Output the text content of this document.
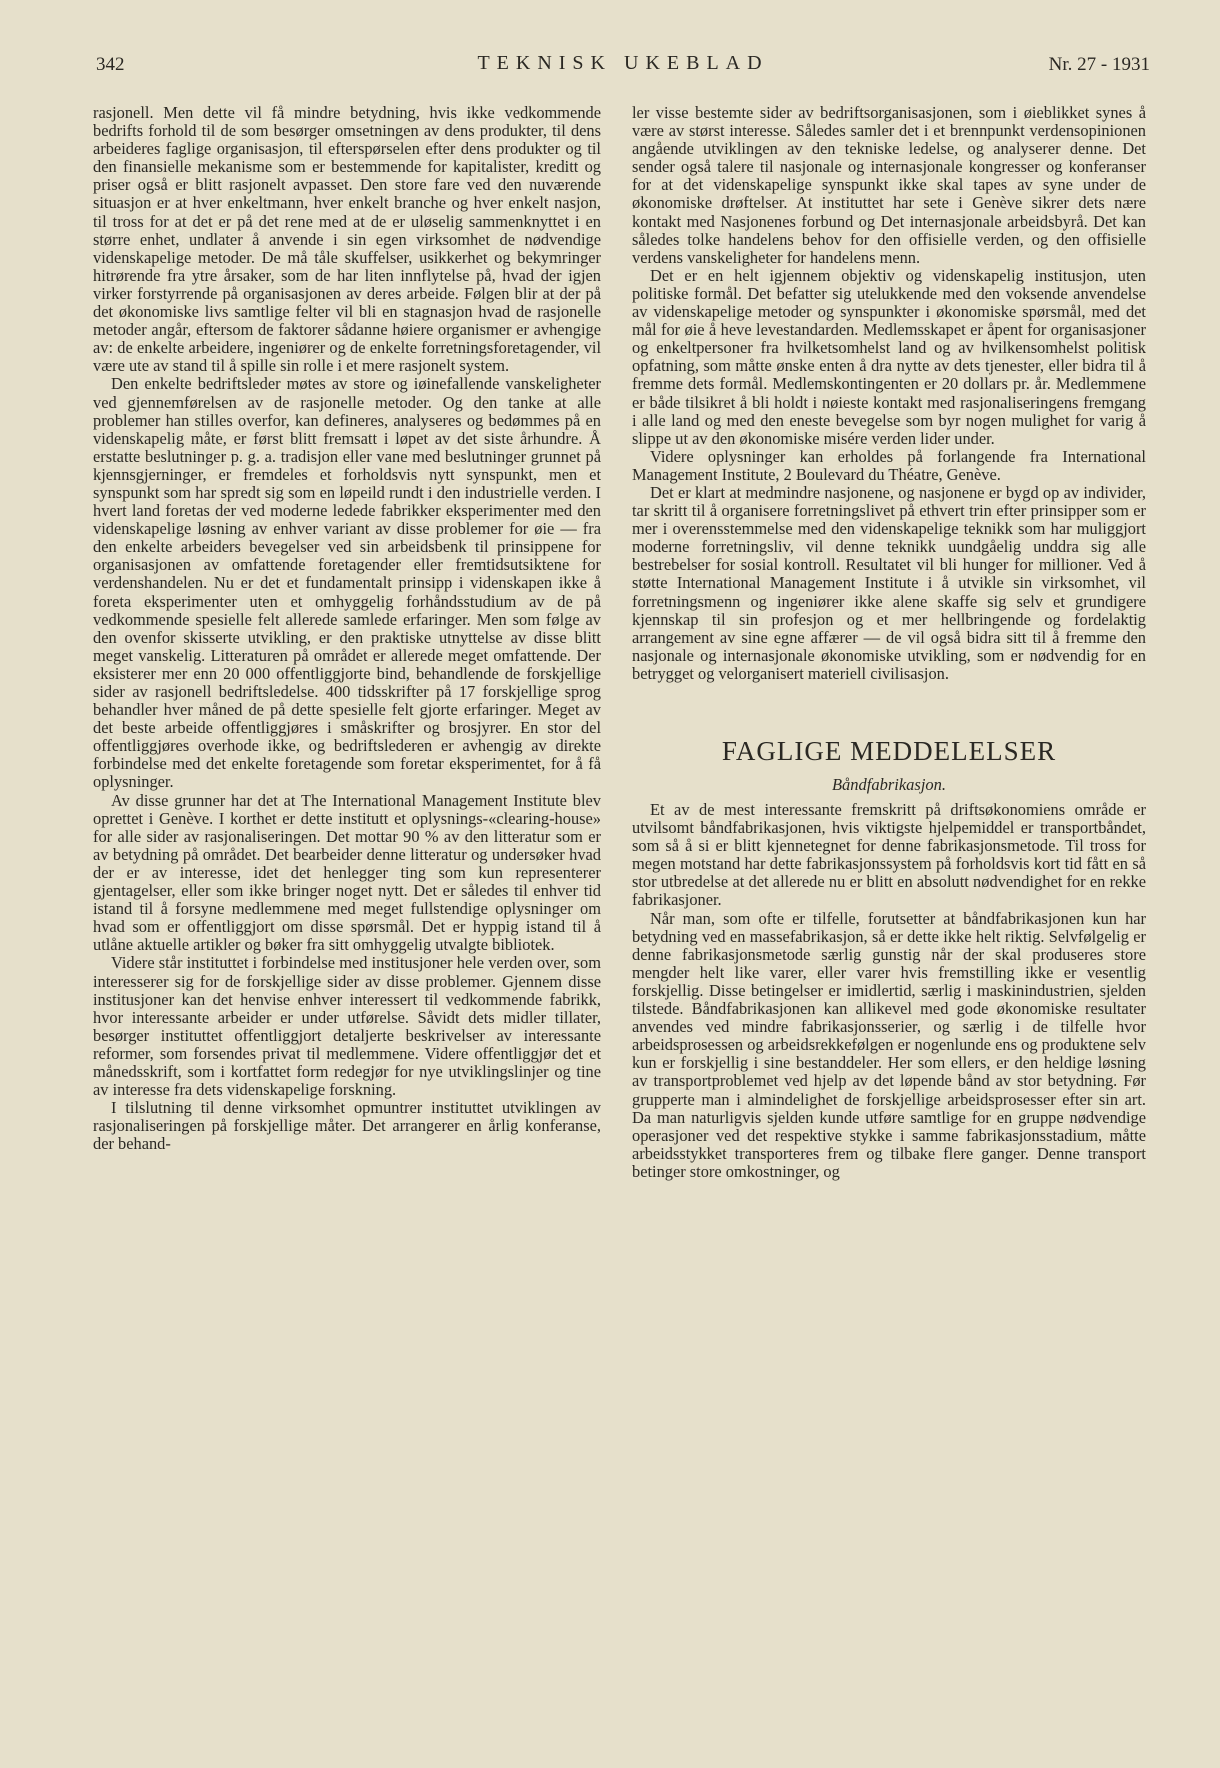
342	TEKNISK UKEBLAD	Nr. 27 - 1931

rasjonell. Men dette vil få mindre betydning, hvis ikke vedkommende bedrifts forhold til de som besørger omsetningen av dens produkter, til dens arbeideres faglige organisasjon, til efterspørselen efter dens produkter og til den finansielle mekanisme som er bestemmende for kapitalister, kreditt og priser også er blitt rasjonelt avpasset. Den store fare ved den nuværende situasjon er at hver enkeltmann, hver enkelt branche og hver enkelt nasjon, til tross for at det er på det rene med at de er uløselig sammenknyttet i en større enhet, undlater å anvende i sin egen virksomhet de nødvendige videnskapelige metoder. De må tåle skuffelser, usikkerhet og bekymringer hitrørende fra ytre årsaker, som de har liten innflytelse på, hvad der igjen virker forstyrrende på organisasjonen av deres arbeide. Følgen blir at der på det økonomiske livs samtlige felter vil bli en stagnasjon hvad de rasjonelle metoder angår, eftersom de faktorer sådanne høiere organismer er avhengige av: de enkelte arbeidere, ingeniører og de enkelte forretningsforetagender, vil være ute av stand til å spille sin rolle i et mere rasjonelt system.

Den enkelte bedriftsleder møtes av store og iøinefallende vanskeligheter ved gjennemførelsen av de rasjonelle metoder. Og den tanke at alle problemer han stilles overfor, kan defineres, analyseres og bedømmes på en videnskapelig måte, er først blitt fremsatt i løpet av det siste århundre. Å erstatte beslutninger p. g. a. tradisjon eller vane med beslutninger grunnet på kjennsgjerninger, er fremdeles et forholdsvis nytt synspunkt, men et synspunkt som har spredt sig som en løpeild rundt i den industrielle verden. I hvert land foretas der ved moderne ledede fabrikker eksperimenter med den videnskapelige løsning av enhver variant av disse problemer for øie — fra den enkelte arbeiders bevegelser ved sin arbeidsbenk til prinsippene for organisasjonen av omfattende foretagender eller fremtidsutsiktene for verdenshandelen. Nu er det et fundamentalt prinsipp i videnskapen ikke å foreta eksperimenter uten et omhyggelig forhåndsstudium av de på vedkommende spesielle felt allerede samlede erfaringer. Men som følge av den ovenfor skisserte utvikling, er den praktiske utnyttelse av disse blitt meget vanskelig. Litteraturen på området er allerede meget omfattende. Der eksisterer mer enn 20 000 offentliggjorte bind, behandlende de forskjellige sider av rasjonell bedriftsledelse. 400 tidsskrifter på 17 forskjellige sprog behandler hver måned de på dette spesielle felt gjorte erfaringer. Meget av det beste arbeide offentliggjøres i småskrifter og brosjyrer. En stor del offentliggjøres overhode ikke, og bedriftslederen er avhengig av direkte forbindelse med det enkelte foretagende som foretar eksperimentet, for å få oplysninger.

Av disse grunner har det at The International Management Institute blev oprettet i Genève. I korthet er dette institutt et oplysnings-«clearing-house» for alle sider av rasjonaliseringen. Det mottar 90 % av den litteratur som er av betydning på området. Det bearbeider denne litteratur og undersøker hvad der er av interesse, idet det henlegger ting som kun representerer gjentagelser, eller som ikke bringer noget nytt. Det er således til enhver tid istand til å forsyne medlemmene med meget fullstendige oplysninger om hvad som er offentliggjort om disse spørsmål. Det er hyppig istand til å utlåne aktuelle artikler og bøker fra sitt omhyggelig utvalgte bibliotek.

Videre står instituttet i forbindelse med institusjoner hele verden over, som interesserer sig for de forskjellige sider av disse problemer. Gjennem disse institusjoner kan det henvise enhver interessert til vedkommende fabrikk, hvor interessante arbeider er under utførelse. Såvidt dets midler tillater, besørger instituttet offentliggjort detaljerte beskrivelser av interessante reformer, som forsendes privat til medlemmene. Videre offentliggjør det et månedsskrift, som i kortfattet form redegjør for nye utviklingslinjer og tine av interesse fra dets videnskapelige forskning.

I tilslutning til denne virksomhet opmuntrer instituttet utviklingen av rasjonaliseringen på forskjellige måter. Det arrangerer en årlig konferanse, der behand-

ler visse bestemte sider av bedriftsorganisasjonen, som i øieblikket synes å være av størst interesse. Således samler det i et brennpunkt verdensopinionen angående utviklingen av den tekniske ledelse, og analyserer denne. Det sender også talere til nasjonale og internasjonale kongresser og konferanser for at det videnskapelige synspunkt ikke skal tapes av syne under de økonomiske drøftelser. At instituttet har sete i Genève sikrer dets nære kontakt med Nasjonenes forbund og Det internasjonale arbeidsbyrå. Det kan således tolke handelens behov for den offisielle verden, og den offisielle verdens vanskeligheter for handelens menn.

Det er en helt igjennem objektiv og videnskapelig institusjon, uten politiske formål. Det befatter sig utelukkende med den voksende anvendelse av videnskapelige metoder og synspunkter i økonomiske spørsmål, med det mål for øie å heve levestandarden. Medlemsskapet er åpent for organisasjoner og enkeltpersoner fra hvilketsomhelst land og av hvilkensomhelst politisk opfatning, som måtte ønske enten å dra nytte av dets tjenester, eller bidra til å fremme dets formål. Medlemskontingenten er 20 dollars pr. år. Medlemmene er både tilsikret å bli holdt i nøieste kontakt med rasjonaliseringens fremgang i alle land og med den eneste bevegelse som byr nogen mulighet for varig å slippe ut av den økonomiske misére verden lider under.

Videre oplysninger kan erholdes på forlangende fra International Management Institute, 2 Boulevard du Théatre, Genève.

Det er klart at medmindre nasjonene, og nasjonene er bygd op av individer, tar skritt til å organisere forretningslivet på ethvert trin efter prinsipper som er mer i overensstemmelse med den videnskapelige teknikk som har muliggjort moderne forretningsliv, vil denne teknikk uundgåelig unddra sig alle bestrebelser for sosial kontroll. Resultatet vil bli hunger for millioner. Ved å støtte International Management Institute i å utvikle sin virksomhet, vil forretningsmenn og ingeniører ikke alene skaffe sig selv et grundigere kjennskap til sin profesjon og et mer hellbringende og fordelaktig arrangement av sine egne affærer — de vil også bidra sitt til å fremme den nasjonale og internasjonale økonomiske utvikling, som er nødvendig for en betrygget og velorganisert materiell civilisasjon.

FAGLIGE MEDDELELSER
Båndfabrikasjon.

Et av de mest interessante fremskritt på driftsøkonomiens område er utvilsomt båndfabrikasjonen, hvis viktigste hjelpemiddel er transportbåndet, som så å si er blitt kjennetegnet for denne fabrikasjonsmetode. Til tross for megen motstand har dette fabrikasjonssystem på forholdsvis kort tid fått en så stor utbredelse at det allerede nu er blitt en absolutt nødvendighet for en rekke fabrikasjoner.

Når man, som ofte er tilfelle, forutsetter at båndfabrikasjonen kun har betydning ved en massefabrikasjon, så er dette ikke helt riktig. Selvfølgelig er denne fabrikasjonsmetode særlig gunstig når der skal produseres store mengder helt like varer, eller varer hvis fremstilling ikke er vesentlig forskjellig. Disse betingelser er imidlertid, særlig i maskinindustrien, sjelden tilstede. Båndfabrikasjonen kan allikevel med gode økonomiske resultater anvendes ved mindre fabrikasjonsserier, og særlig i de tilfelle hvor arbeidsprosessen og arbeidsrekkefølgen er nogenlunde ens og produktene selv kun er forskjellig i sine bestanddeler. Her som ellers, er den heldige løsning av transportproblemet ved hjelp av det løpende bånd av stor betydning. Før grupperte man i almindelighet de forskjellige arbeidsprosesser efter sin art. Da man naturligvis sjelden kunde utføre samtlige for en gruppe nødvendige operasjoner ved det respektive stykke i samme fabrikasjonsstadium, måtte arbeidsstykket transporteres frem og tilbake flere ganger. Denne transport betinger store omkostninger, og
